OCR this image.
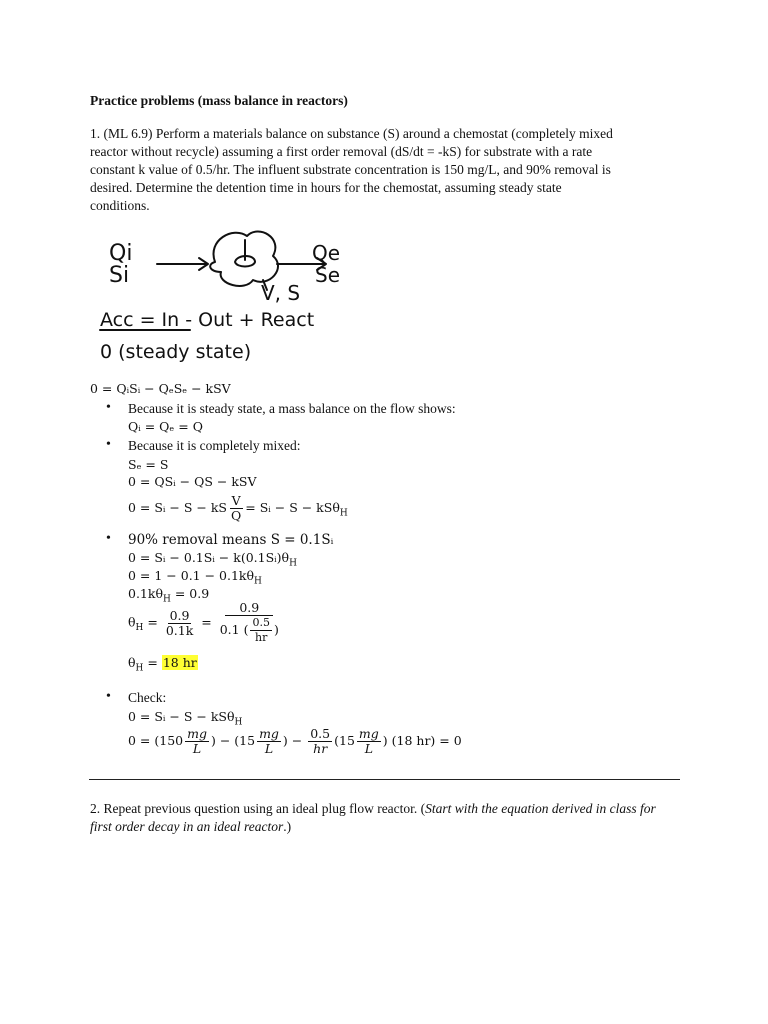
Practice problems (mass balance in reactors)
1. (ML 6.9) Perform a materials balance on substance (S) around a chemostat (completely mixed
reactor without recycle) assuming a first order removal (dS/dt = -kS) for substrate with a rate
constant k value of 0.5/hr. The influent substrate concentration is 150 mg/L, and 90% removal is
desired. Determine the detention time in hours for the chemostat, assuming steady state
conditions.
Qi
Si
Qe
Se
V, S
Acc = In - Out + React
0 (steady state)
0 = QᵢSᵢ − QₑSₑ − kSV
• Because it is steady state, a mass balance on the flow shows:
Qᵢ = Qₑ = Q
• Because it is completely mixed:
Sₑ = S
0 = QSᵢ − QS − kSV
0 = Sᵢ − S − kS $\frac{V}{Q}$ = Sᵢ − S − kSθ$_H$
• 90% removal means S = 0.1Sᵢ
0 = Sᵢ − 0.1Sᵢ − $k(0.1Sᵢ)\theta_H$
$0 = 1 - 0.1 - 0.1k\theta_H$
$0.1k\theta_H = 0.9$
$\theta_H = \frac{0.9}{0.1k} = \frac{0.9}{0.1 ( \frac{0.5}{hr} )}$
$\theta_H = 18$ hr
• Check:
0 = Sᵢ − S − kSθ$_H$
$0 = (150 \frac{mg}{L}$ ) − ($15 \frac{mg}{L}$ ) − $\frac{0.5}{hr} (15 \frac{mg}{L}$ ) (18 hr) = 0
2. Repeat previous question using an ideal plug flow reactor. (Start with the equation derived in class for first order decay in an ideal reactor.)
